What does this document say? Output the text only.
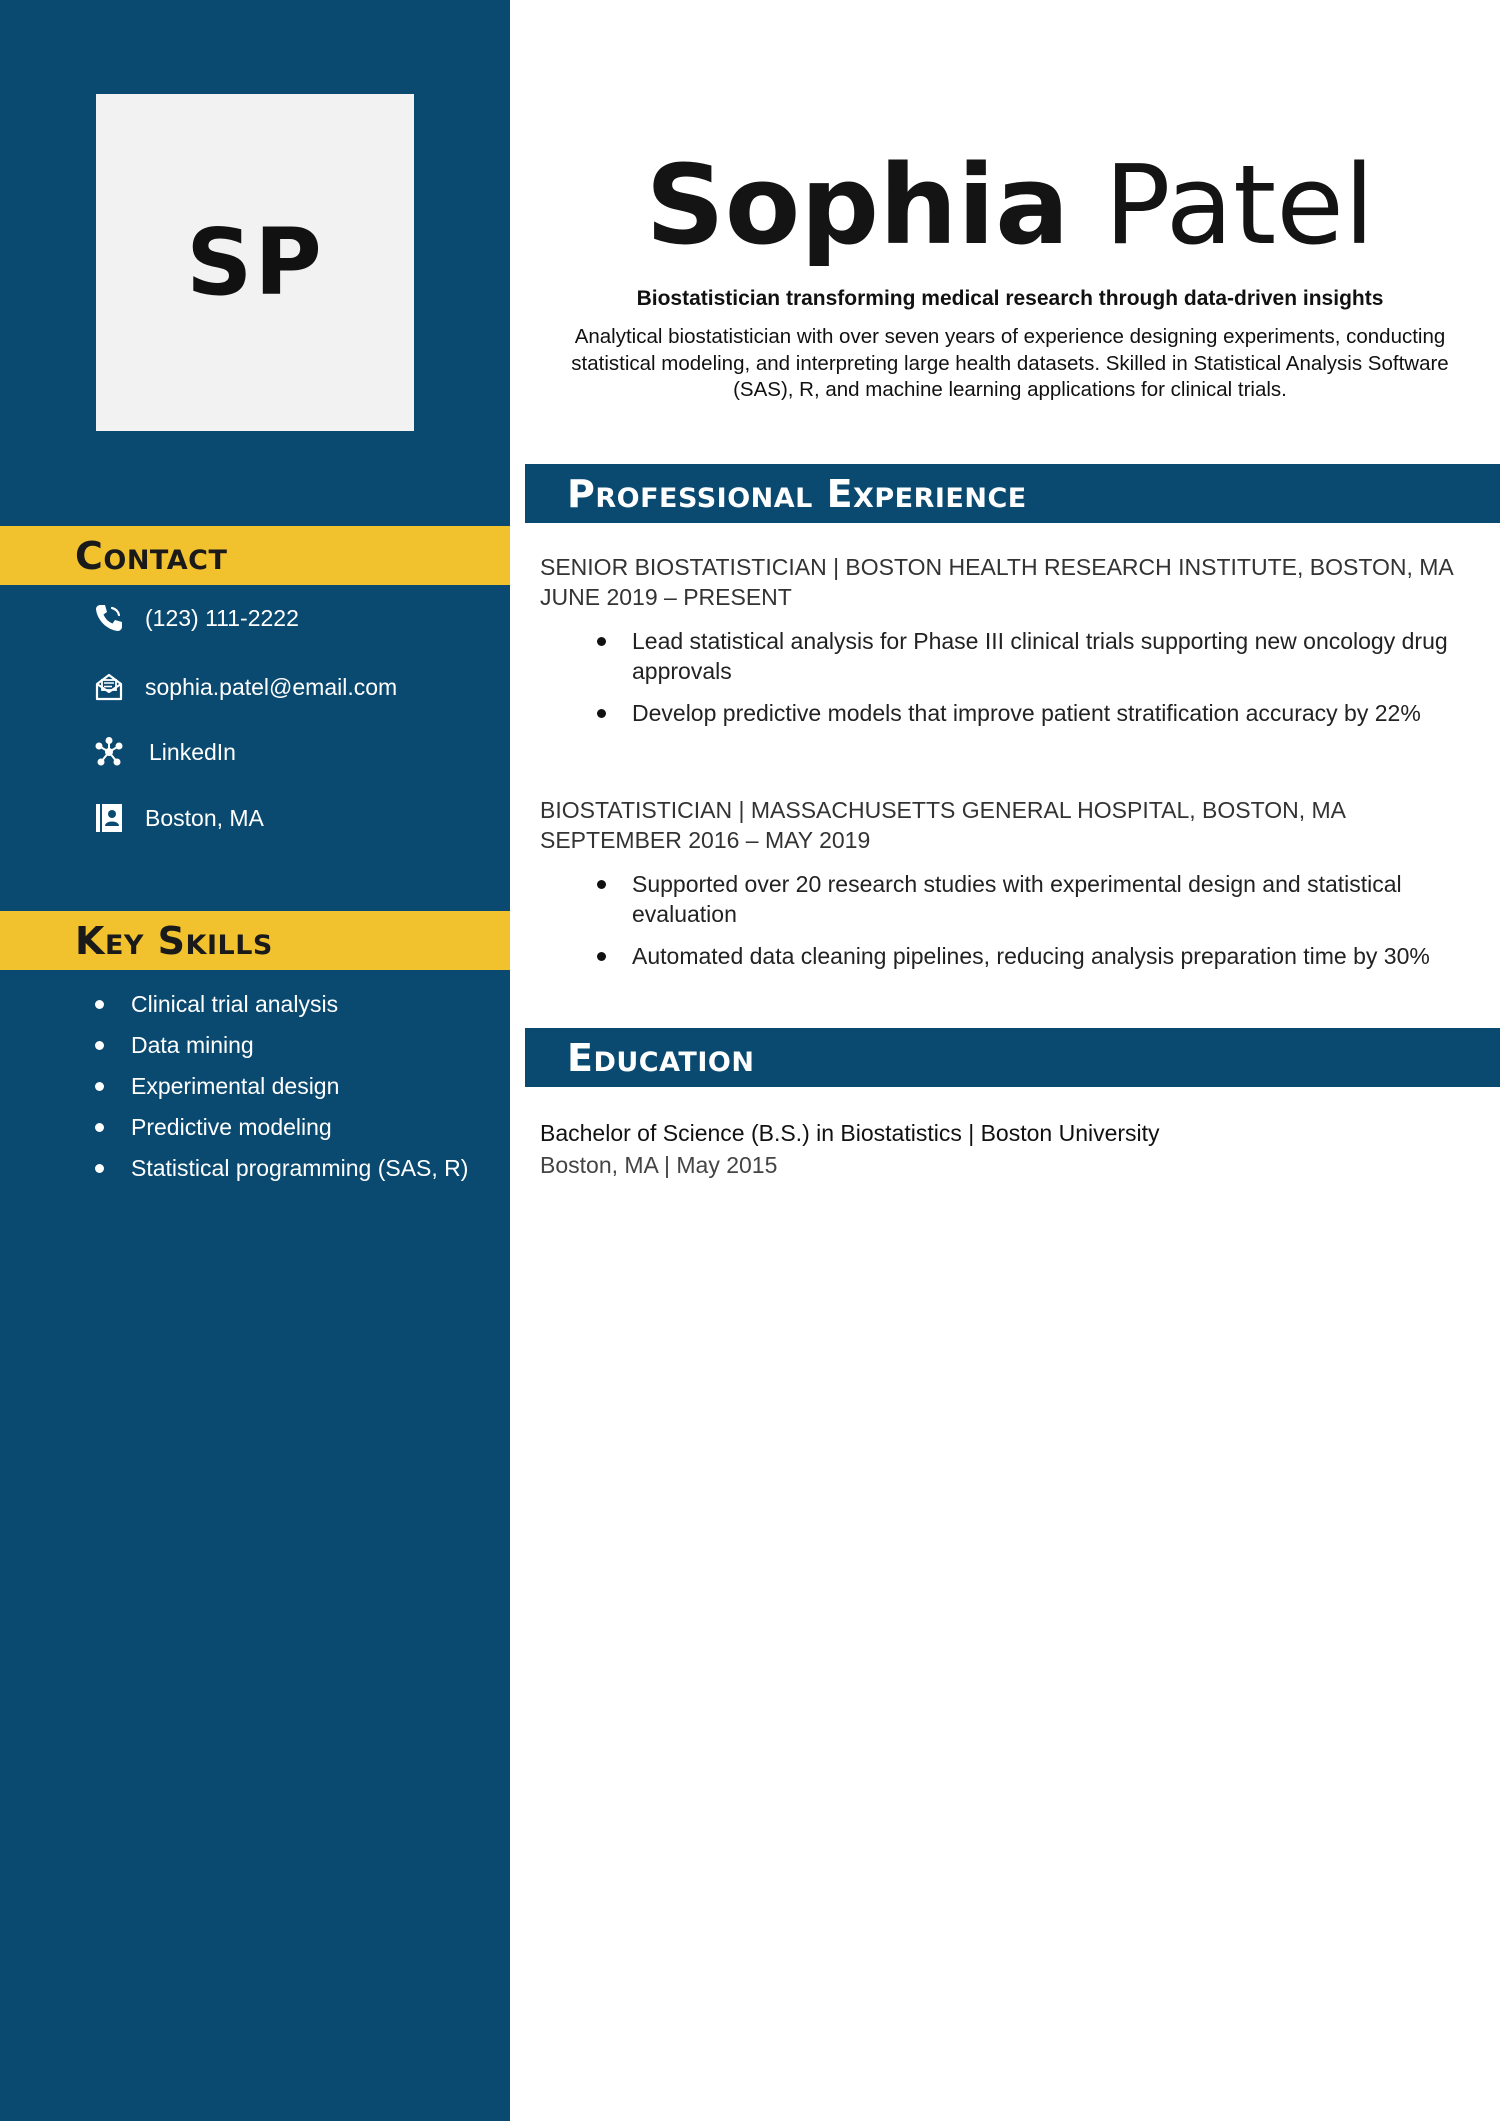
SP
Contact
(123) 111-2222
sophia.patel@email.com
LinkedIn
Boston, MA
Key Skills
Clinical trial analysis
Data mining
Experimental design
Predictive modeling
Statistical programming (SAS, R)
Sophia Patel
Biostatistician transforming medical research through data-driven insights
Analytical biostatistician with over seven years of experience designing experiments, conducting statistical modeling, and interpreting large health datasets. Skilled in Statistical Analysis Software (SAS), R, and machine learning applications for clinical trials.
Professional Experience
SENIOR BIOSTATISTICIAN | BOSTON HEALTH RESEARCH INSTITUTE, BOSTON, MA
JUNE 2019 – PRESENT
Lead statistical analysis for Phase III clinical trials supporting new oncology drug approvals
Develop predictive models that improve patient stratification accuracy by 22%
BIOSTATISTICIAN | MASSACHUSETTS GENERAL HOSPITAL, BOSTON, MA
SEPTEMBER 2016 – MAY 2019
Supported over 20 research studies with experimental design and statistical evaluation
Automated data cleaning pipelines, reducing analysis preparation time by 30%
Education
Bachelor of Science (B.S.) in Biostatistics | Boston University
Boston, MA | May 2015
